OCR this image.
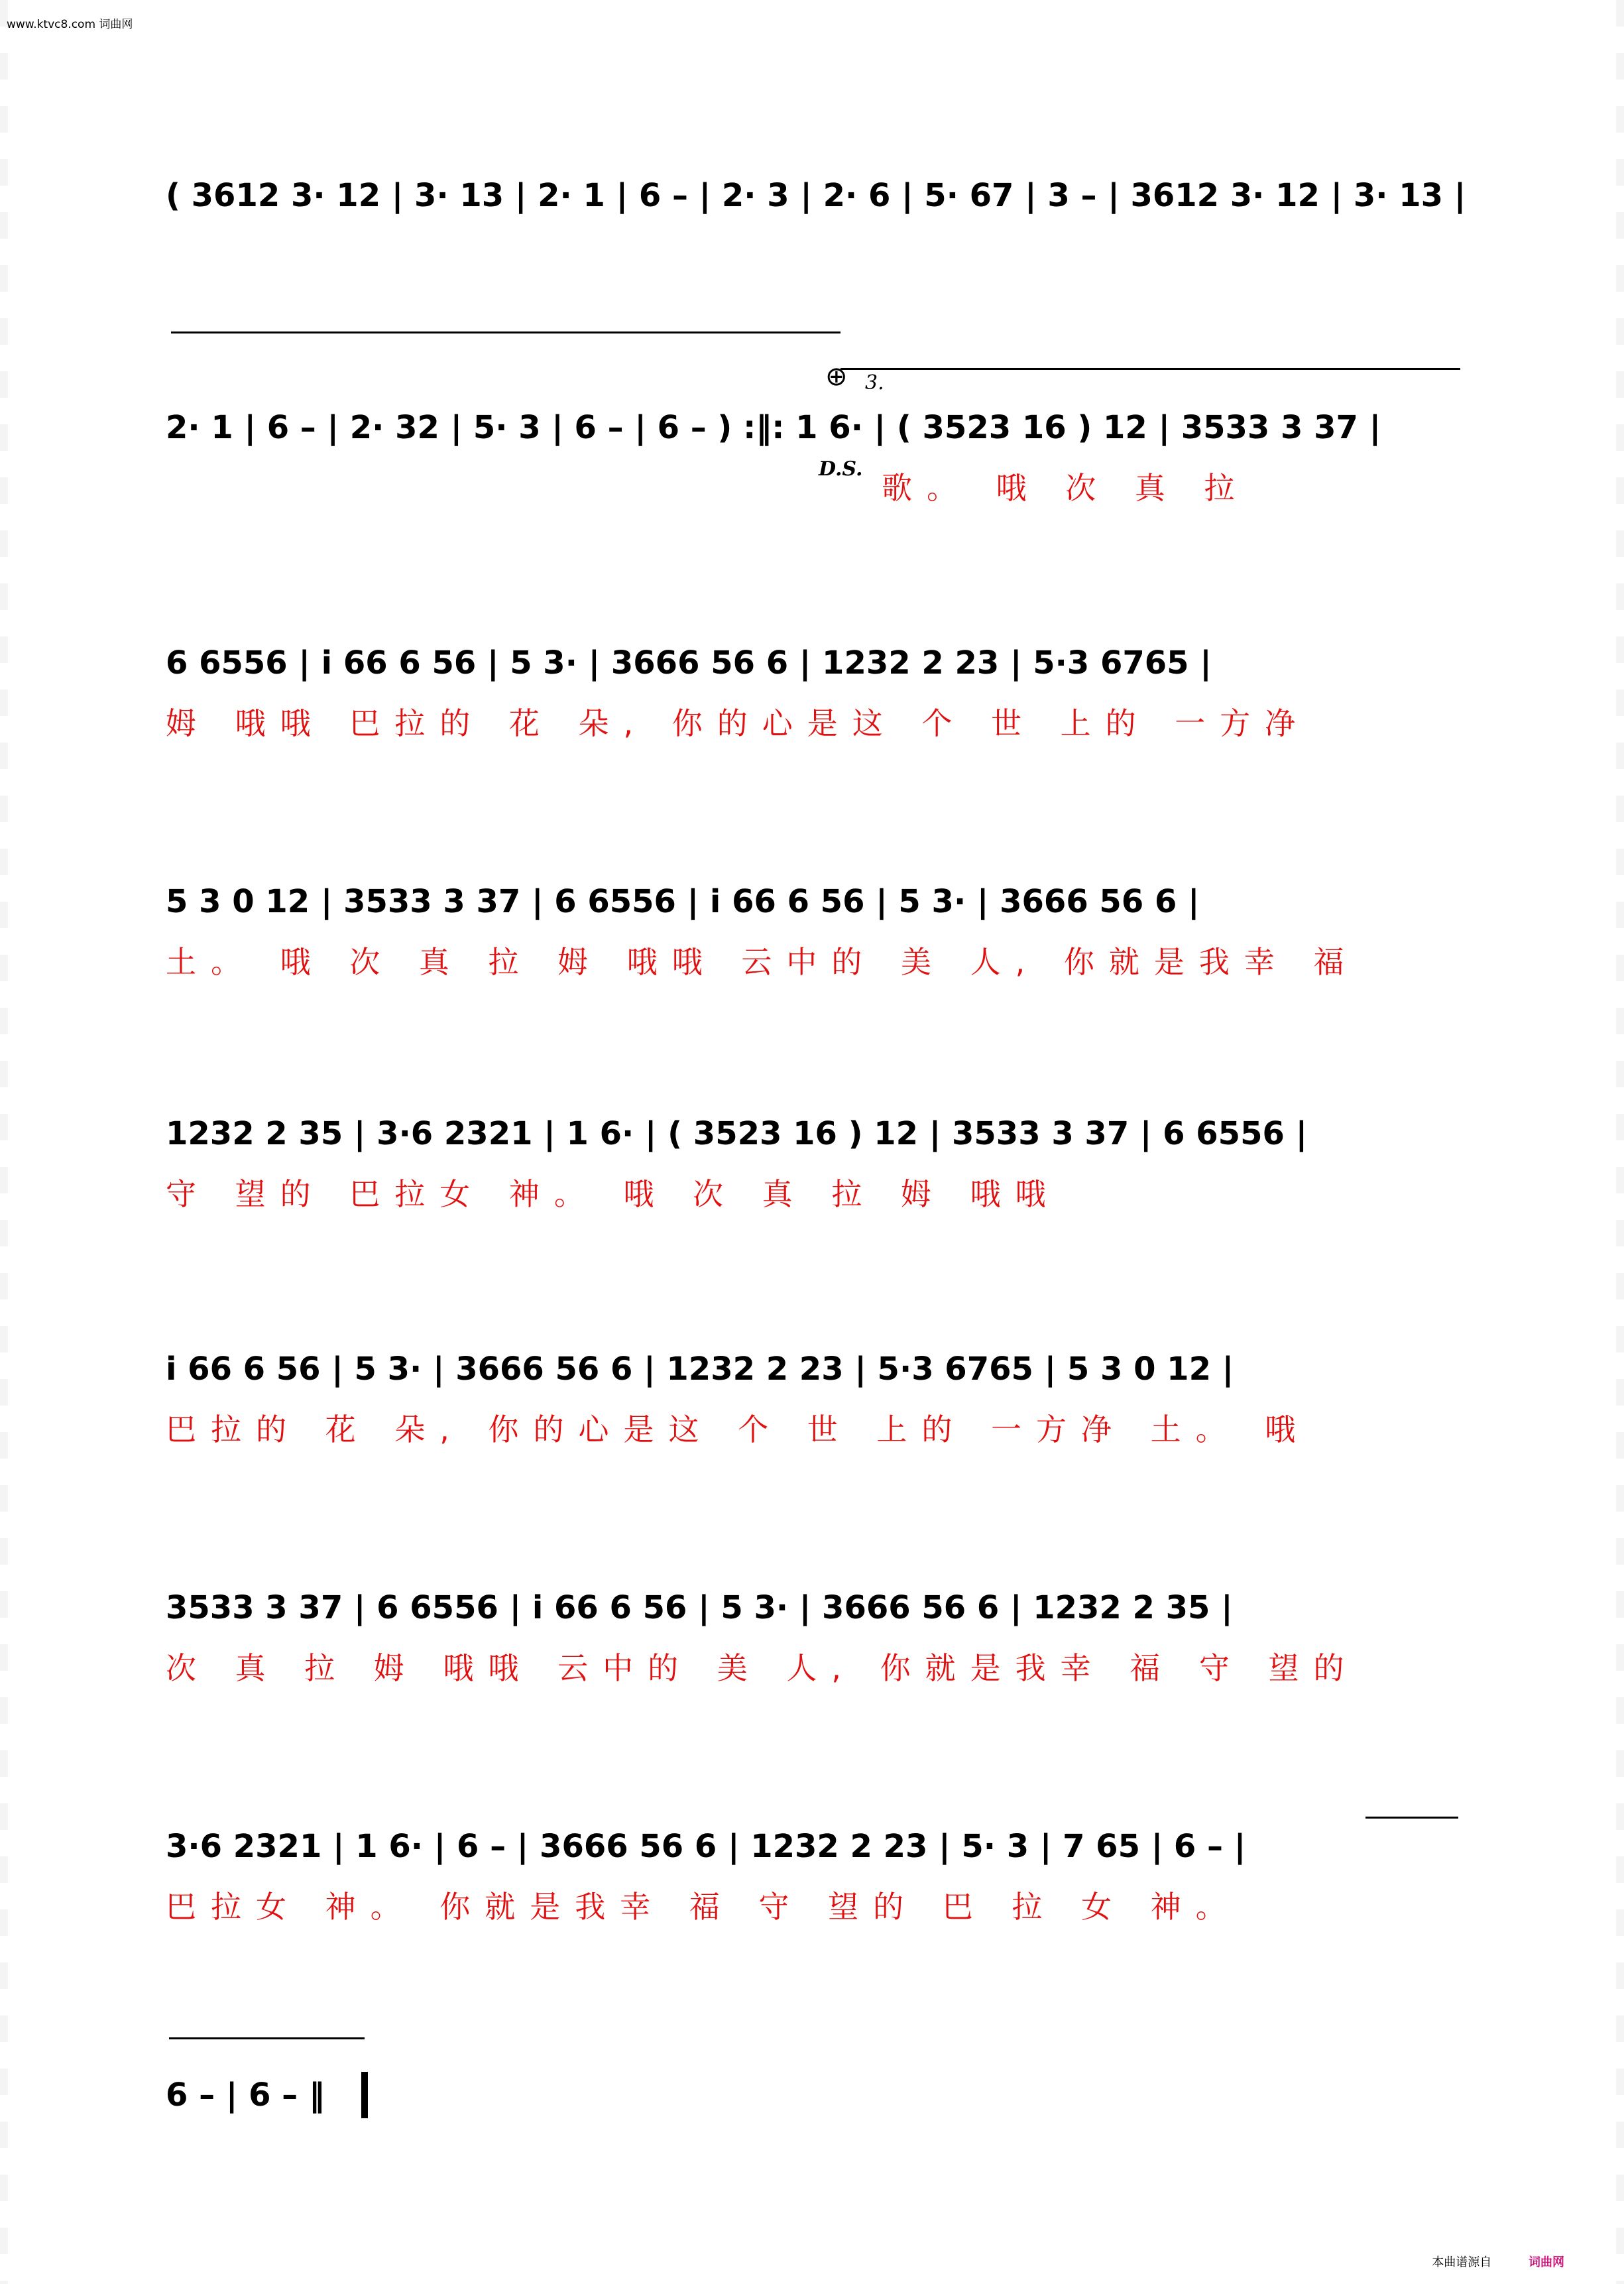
www.ktvc8.com 词曲网
( 3612 3· 12 | 3· 13 | 2· 1 | 6 – | 2· 3 | 2· 6 | 5· 67 | 3 – | 3612 3· 12 | 3· 13 |
⊕ 3.
2· 1 | 6 – | 2· 32 | 5· 3 | 6 – | 6 – ) :‖: 1 6· | ( 3523 16 ) 12 | 3533 3 37 |
歌。 哦 次 真 拉
D.S.
6 6556 | i 66 6 56 | 5 3· | 3666 56 6 | 1232 2 23 | 5·3 6765 |
姆 哦哦 巴拉的 花 朵, 你的心是这 个 世 上的 一方净
5 3 0 12 | 3533 3 37 | 6 6556 | i 66 6 56 | 5 3· | 3666 56 6 |
土。 哦 次 真 拉 姆 哦哦 云中的 美 人, 你就是我幸 福
1232 2 35 | 3·6 2321 | 1 6· | ( 3523 16 ) 12 | 3533 3 37 | 6 6556 |
守 望的 巴拉女 神。 哦 次 真 拉 姆 哦哦
i 66 6 56 | 5 3· | 3666 56 6 | 1232 2 23 | 5·3 6765 | 5 3 0 12 |
巴拉的 花 朵, 你的心是这 个 世 上的 一方净 土。 哦
3533 3 37 | 6 6556 | i 66 6 56 | 5 3· | 3666 56 6 | 1232 2 35 |
次 真 拉 姆 哦哦 云中的 美 人, 你就是我幸 福 守 望的
3·6 2321 | 1 6· | 6 – | 3666 56 6 | 1232 2 23 | 5· 3 | 7 65 | 6 – |
巴拉女 神。 你就是我幸 福 守 望的 巴 拉 女 神。
6 – | 6 – ‖
本曲谱源自	词曲网
